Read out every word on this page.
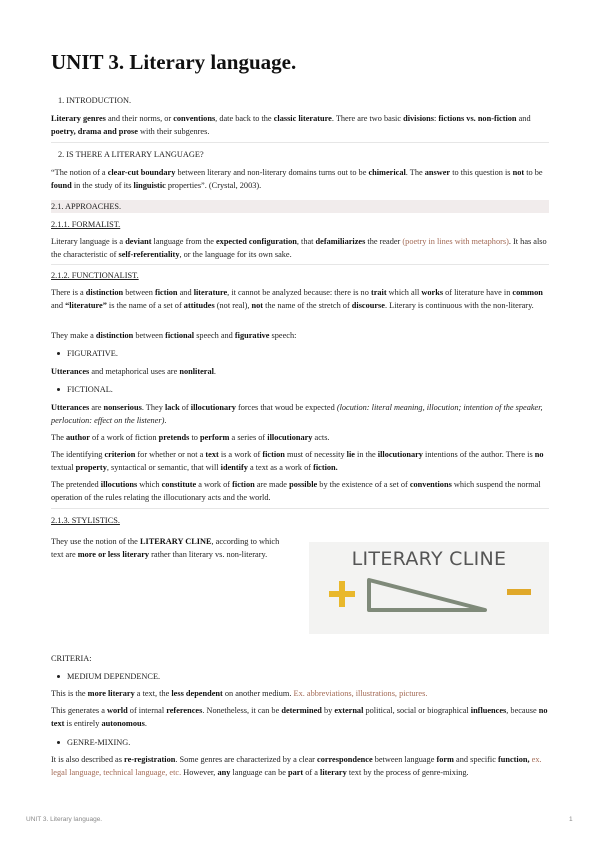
UNIT 3. Literary language.
1. INTRODUCTION.

Literary genres and their norms, or conventions, date back to the classic literature. There are two basic divisions: fictions vs. non-fiction and poetry, drama and prose with their subgenres.

2. IS THERE A LITERARY LANGUAGE?

“The notion of a clear-cut boundary between literary and non-literary domains turns out to be chimerical. The answer to this question is not to be found in the study of its linguistic properties”. (Crystal, 2003).

2.1. APPROACHES.
2.1.1. FORMALIST.

Literary language is a deviant language from the expected configuration, that defamiliarizes the reader (poetry in lines with metaphors). It has also the characteristic of self-referentiality, or the language for its own sake.

2.1.2. FUNCTIONALIST.

There is a distinction between fiction and literature, it cannot be analyzed because: there is no trait which all works of literature have in common and “literature” is the name of a set of attitudes (not real), not the name of the stretch of discourse. Literary is continuous with the non-literary.

They make a distinction between fictional speech and figurative speech:

FIGURATIVE.

Utterances and metaphorical uses are nonliteral.

FICTIONAL.

Utterances are nonserious. They lack of illocutionary forces that woud be expected (locution: literal meaning, illocution; intention of the speaker, perlocution: effect on the listener).

The author of a work of fiction pretends to perform a series of illocutionary acts.

The identifying criterion for whether or not a text is a work of fiction must of necessity lie in the illocutionary intentions of the author. There is no textual property, syntactical or semantic, that will identify a text as a work of fiction.

The pretended illocutions which constitute a work of fiction are made possible by the existence of a set of conventions which suspend the normal operation of the rules relating the illocutionary acts and the world.

2.1.3. STYLISTICS.

They use the notion of the LITERARY CLINE, according to which text are more or less literary rather than literary vs. non-literary.	LITERARY CLINE
CRITERIA:
MEDIUM DEPENDENCE.

This is the more literary a text, the less dependent on another medium. Ex. abbreviations, illustrations, pictures.

This generates a world of internal references. Nonetheless, it can be determined by external political, social or biographical influences, because no text is entirely autonomous.

GENRE-MIXING.

It is also described as re-registration. Some genres are characterized by a clear correspondence between language form and specific function, ex. legal language, technical language, etc. However, any language can be part of a literary text by the process of genre-mixing.

UNIT 3. Literary language.	1
